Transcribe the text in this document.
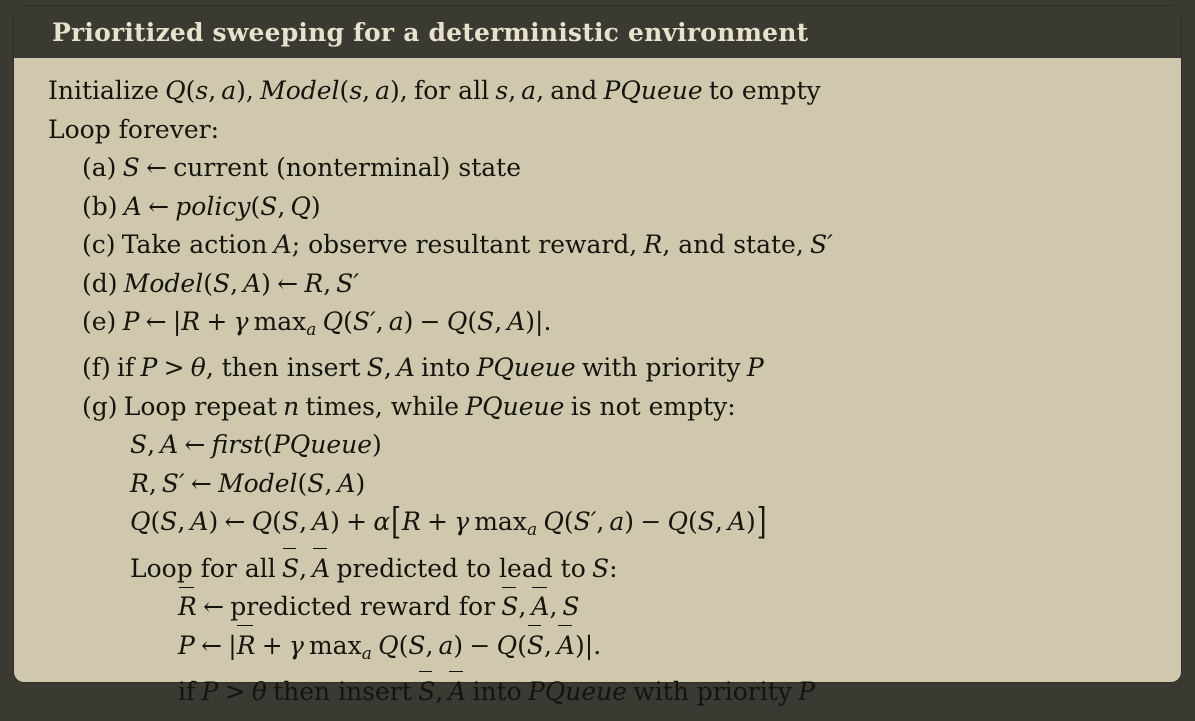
Prioritized sweeping for a deterministic environment
Initialize Q(s,  a), Model(s,  a), for all s,  a, and PQueue to empty
Loop forever:
(a) S ← current (nonterminal) state
(b) A ← policy(S,  Q)
(c) Take action A; observe resultant reward, R, and state, S′
(d) Model(S,  A) ← R,  S′
(e) P ← |R + γ  $\max_a Q(S'$,  a) − Q(S,  A)|.
(f) if P > θ, then insert S,  A into PQueue with priority P
(g) Loop repeat n times, while PQueue is not empty:
S,  A ← first(PQueue)
R,  S′ ← Model(S,  A)
Q(S,  A) ← Q(S,  A) + α[R + γ  $\max_a Q(S'$,  a) − Q(S,  A)]
Loop for all S,  A predicted to lead to S:
R ← predicted reward for S,  A,  S
P ← |R + γ  $\max_a Q(S$,  a) − Q(S,  A)|.
if P > θ then insert S,  A into PQueue with priority P
